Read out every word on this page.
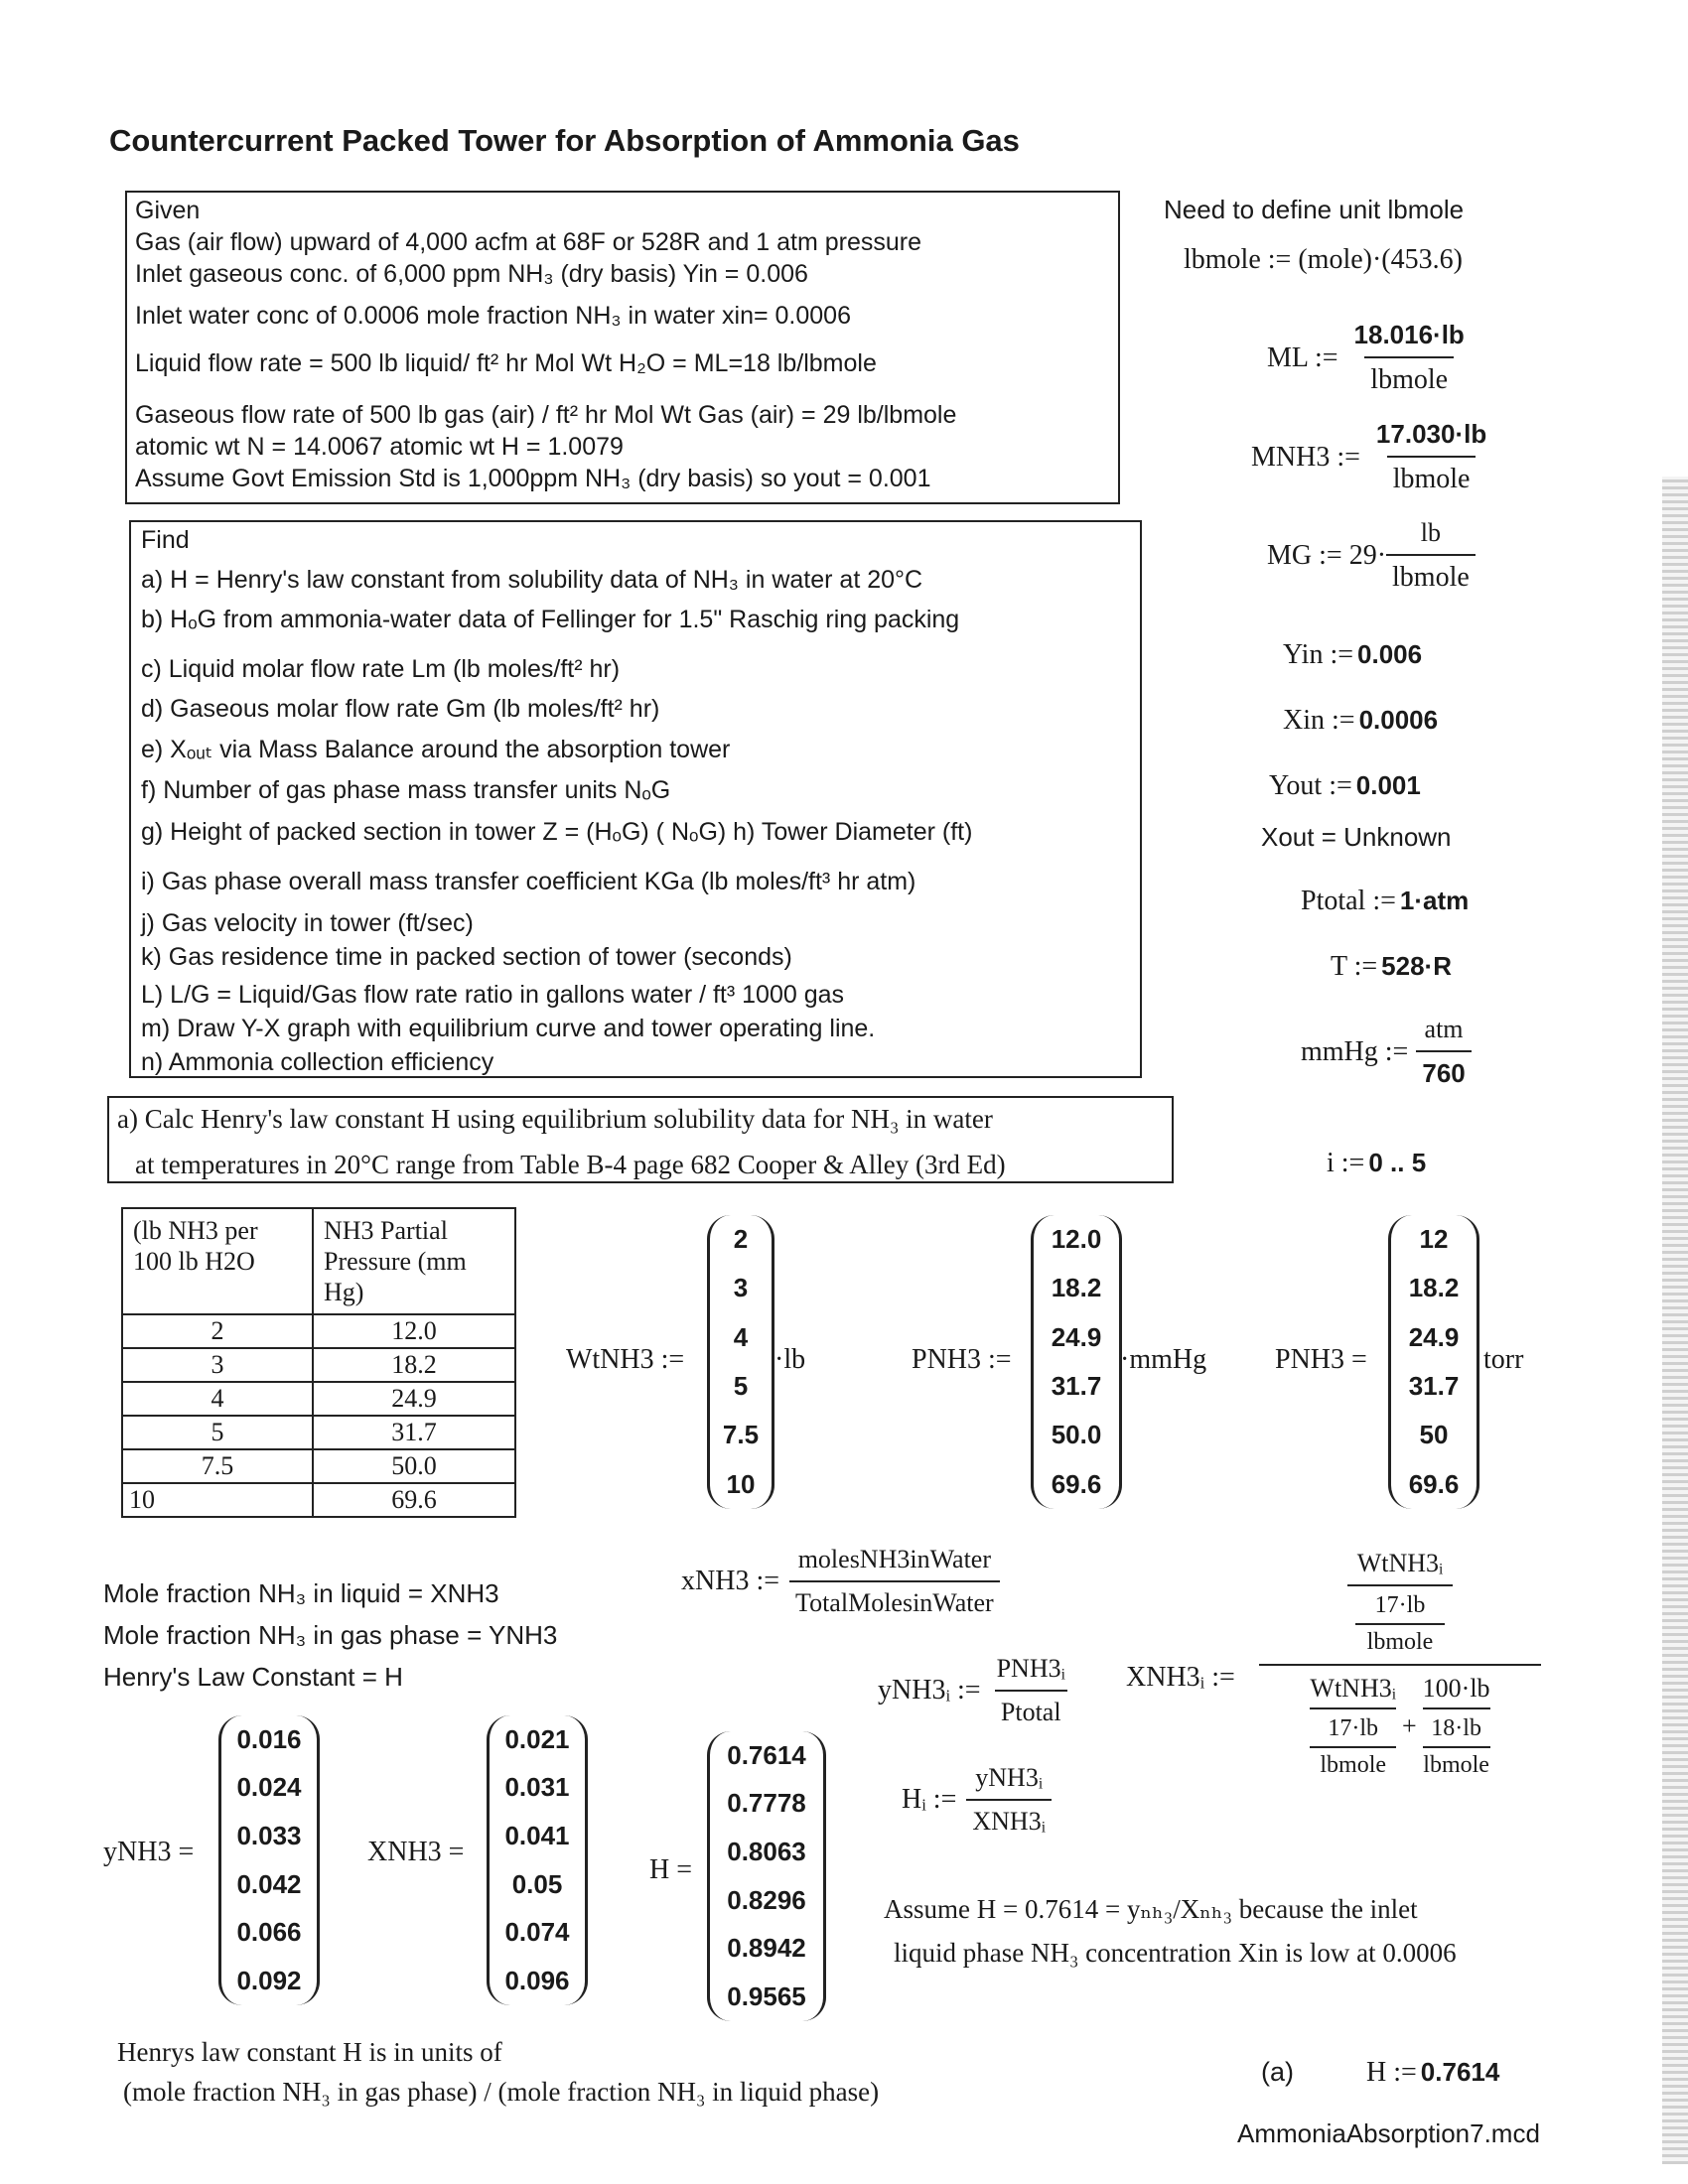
Countercurrent Packed Tower for Absorption of Ammonia Gas
Given
Gas (air flow) upward of 4,000 acfm at 68F or 528R and 1 atm pressure
Inlet gaseous conc. of 6,000 ppm NH₃ (dry basis) Yin = 0.006
Inlet water conc of 0.0006 mole fraction NH₃ in water xin= 0.0006
Liquid flow rate = 500 lb liquid/ ft² hr Mol Wt H₂O = ML=18 lb/lbmole
Gaseous flow rate of 500 lb gas (air) / ft² hr Mol Wt Gas (air) = 29 lb/lbmole
atomic wt N = 14.0067 atomic wt H = 1.0079
Assume Govt Emission Std is 1,000ppm NH₃ (dry basis) so yout = 0.001
Find
a) H = Henry's law constant from solubility data of NH₃ in water at 20°C
b) HₒG from ammonia-water data of Fellinger for 1.5" Raschig ring packing
c) Liquid molar flow rate Lm (lb moles/ft² hr)
d) Gaseous molar flow rate Gm (lb moles/ft² hr)
e) Xₒᵤₜ via Mass Balance around the absorption tower
f) Number of gas phase mass transfer units NₒG
g) Height of packed section in tower Z = (HₒG) ( NₒG) h) Tower Diameter (ft)
i) Gas phase overall mass transfer coefficient KGa (lb moles/ft³ hr atm)
j) Gas velocity in tower (ft/sec)
k) Gas residence time in packed section of tower (seconds)
L) L/G = Liquid/Gas flow rate ratio in gallons water / ft³ 1000 gas
m) Draw Y-X graph with equilibrium curve and tower operating line.
n) Ammonia collection efficiency
a) Calc Henry's law constant H using equilibrium solubility data for NH₃ in water
at temperatures in 20°C range from Table B-4 page 682 Cooper & Alley (3rd Ed)
Need to define unit lbmole
lbmole := (mole)·(453.6)
ML := $\frac{18.016\cdot lb}{\text{lbmole}}$
MNH3 := $\frac{17.030\cdot lb}{\text{lbmole}}$
MG := $29\cdot \frac{lb}{\text{lbmole}}$
Yin := 0.006
Xin := 0.0006
Yout := 0.001
Xout = Unknown
Ptotal := 1·atm
T := 528·R
mmHg := $\frac{\text{atm}}{760}$
i := 0 .. 5
(lb NH3 per 100 lb H2O	NH3 Partial Pressure (mm Hg)
2	12.0
3	18.2
4	24.9
5	31.7
7.5	50.0
10	69.6
WtNH3 :=
2
3
4
5
7.5
10
·lb	PNH3 :=
12.0
18.2
24.9
31.7
50.0
69.6
·mmHg PNH3 =
12
18.2
24.9
31.7
50
69.6
torr
xNH3 := $\frac{\text{molesNH3inWater}}{\text{TotalMolesinWater}}$
Mole fraction NH₃ in liquid = XNH3
Mole fraction NH₃ in gas phase = YNH3
Henry's Law Constant = H	yNH3ᵢ := $\frac{\text{PNH3ᵢ}}{\text{Ptotal}}$ XNH3ᵢ :=
WtNH3ᵢ
17·lb
lbmole
WtNH3ᵢ
17·lb
lbmole
+
100·lb
18·lb
lbmole
Hᵢ := $\frac{\text{yNH3ᵢ}}{\text{XNH3ᵢ}}$
yNH3 =
0.016
0.024
0.033
0.042
0.066
0.092
XNH3 =
0.021
0.031
0.041
0.05
0.074
0.096
H =
0.7614
0.7778
0.8063
0.8296
0.8942
0.9565
Assume H = 0.7614 = yₙₕ₃/Xₙₕ₃ because the inlet
liquid phase NH₃ concentration Xin is low at 0.0006
Henrys law constant H is in units of
(mole fraction NH₃ in gas phase) / (mole fraction NH₃ in liquid phase)
(a)	H := 0.7614
AmmoniaAbsorption7.mcd
